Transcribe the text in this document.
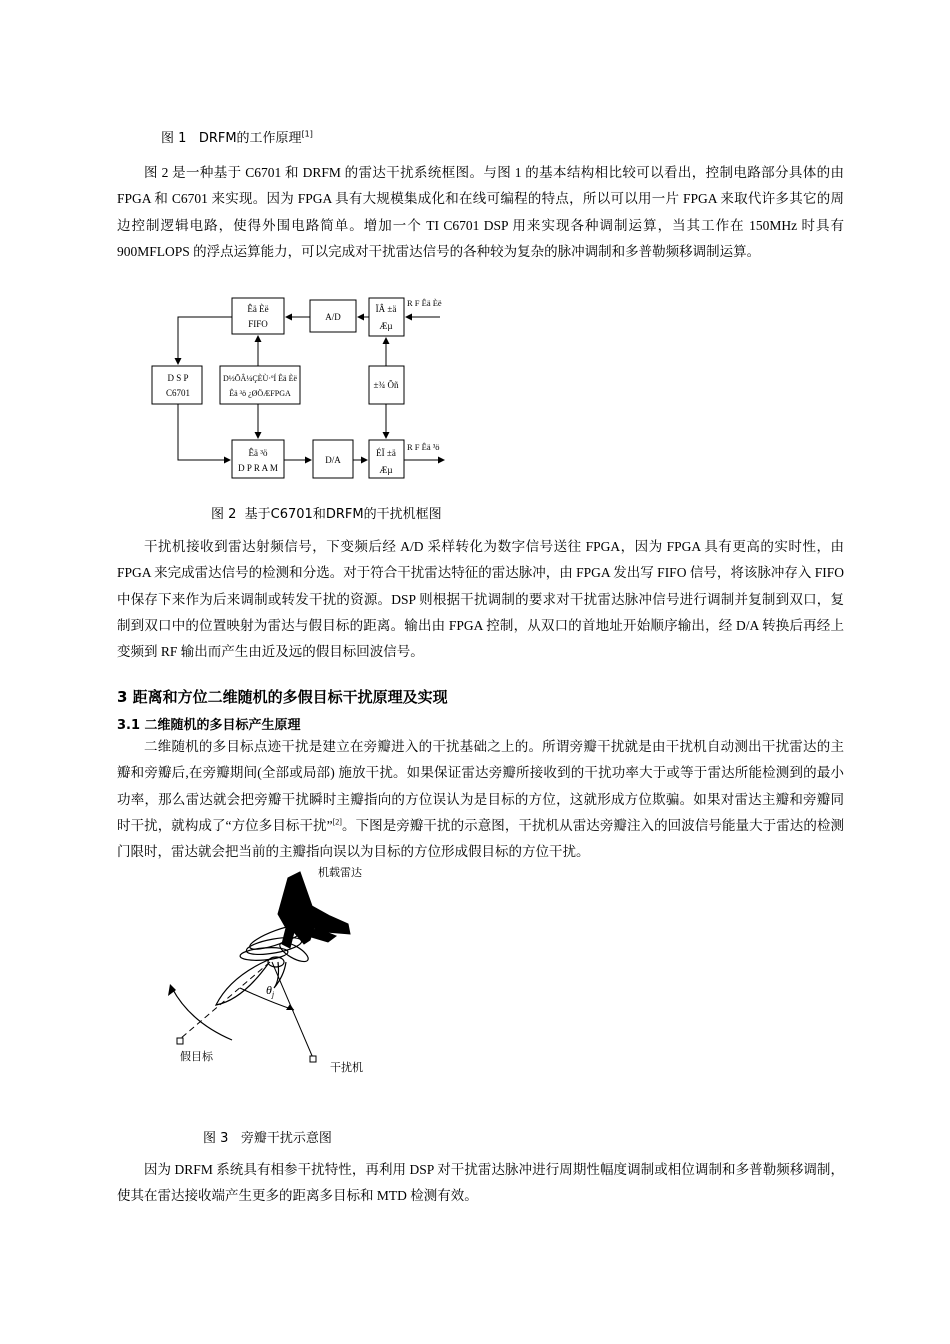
图 1 DRFM的工作原理[1]
图 2 是一种基于 C6701 和 DRFM 的雷达干扰系统框图。与图 1 的基本结构相比较可以看出，控制电路部分具体的由 FPGA 和 C6701 来实现。因为 FPGA 具有大规模集成化和在线可编程的特点，所以可以用一片 FPGA 来取代许多其它的周边控制逻辑电路，使得外围电路简单。增加一个 TI C6701 DSP 用来实现各种调制运算，当其工作在 150MHz 时具有 900MFLOPS 的浮点运算能力，可以完成对干扰雷达信号的各种较为复杂的脉冲调制和多普勒频移调制运算。
Êä Èë
FIFO
A/D
ÏÂ ±ä
Æµ
D S P
C6701
D½ÕÂ¼ÇÈÙ·ºÍ Êä Èë
Êä ³ö ¿ØÖÆFPGA
±¾ Õñ
Êä ³ö
D P R A M
D/A
ÉÏ ±ä
Æµ
R F Êä Èë
R F Êä ³ö
图 2 基于C6701和DRFM的干扰机框图
干扰机接收到雷达射频信号，下变频后经 A/D 采样转化为数字信号送往 FPGA，因为 FPGA 具有更高的实时性，由 FPGA 来完成雷达信号的检测和分选。对于符合干扰雷达特征的雷达脉冲，由 FPGA 发出写 FIFO 信号，将该脉冲存入 FIFO 中保存下来作为后来调制或转发干扰的资源。DSP 则根据干扰调制的要求对干扰雷达脉冲信号进行调制并复制到双口，复制到双口中的位置映射为雷达与假目标的距离。输出由 FPGA 控制，从双口的首地址开始顺序输出，经 D/A 转换后再经上变频到 RF 输出而产生由近及远的假目标回波信号。
3 距离和方位二维随机的多假目标干扰原理及实现
3.1 二维随机的多目标产生原理
二维随机的多目标点迹干扰是建立在旁瓣进入的干扰基础之上的。所谓旁瓣干扰就是由干扰机自动测出干扰雷达的主瓣和旁瓣后,在旁瓣期间(全部或局部) 施放干扰。如果保证雷达旁瓣所接收到的干扰功率大于或等于雷达所能检测到的最小功率，那么雷达就会把旁瓣干扰瞬时主瓣指向的方位误认为是目标的方位，这就形成方位欺骗。如果对雷达主瓣和旁瓣同时干扰，就构成了“方位多目标干扰”[2]。下图是旁瓣干扰的示意图，干扰机从雷达旁瓣注入的回波信号能量大于雷达的检测门限时，雷达就会把当前的主瓣指向误以为目标的方位形成假目标的方位干扰。
机载雷达
$\theta_j$
假目标
干扰机
图 3 旁瓣干扰示意图
因为 DRFM 系统具有相参干扰特性，再利用 DSP 对干扰雷达脉冲进行周期性幅度调制或相位调制和多普勒频移调制，使其在雷达接收端产生更多的距离多目标和 MTD 检测有效。
